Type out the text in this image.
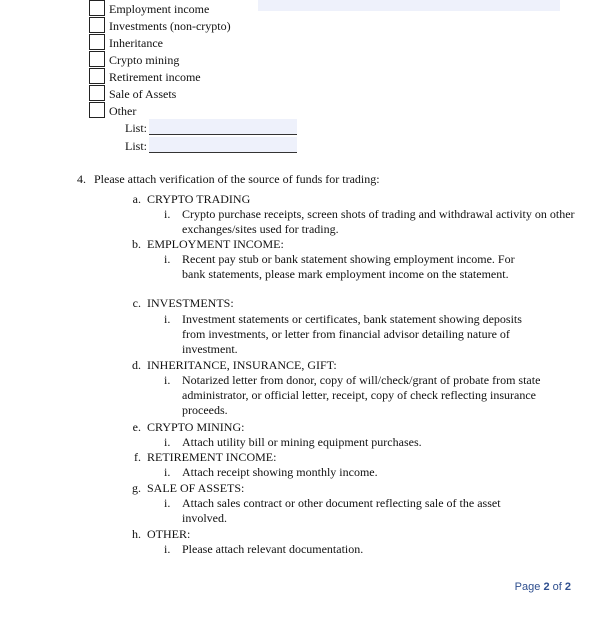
Employment income
Investments (non-crypto)
Inheritance
Crypto mining
Retirement income
Sale of Assets
Other
List:
List:
4. Please attach verification of the source of funds for trading:
a. CRYPTO TRADING
i. Crypto purchase receipts, screen shots of trading and withdrawal activity on other exchanges/sites used for trading.
b. EMPLOYMENT INCOME:
i. Recent pay stub or bank statement showing employment income. For bank statements, please mark employment income on the statement.
c. INVESTMENTS:
i. Investment statements or certificates, bank statement showing deposits from investments, or letter from financial advisor detailing nature of investment.
d. INHERITANCE, INSURANCE, GIFT:
i. Notarized letter from donor, copy of will/check/grant of probate from state administrator, or official letter, receipt, copy of check reflecting insurance proceeds.
e. CRYPTO MINING:
i. Attach utility bill or mining equipment purchases.
f. RETIREMENT INCOME:
i. Attach receipt showing monthly income.
g. SALE OF ASSETS:
i. Attach sales contract or other document reflecting sale of the asset involved.
h. OTHER:
i. Please attach relevant documentation.
Page 2 of 2
